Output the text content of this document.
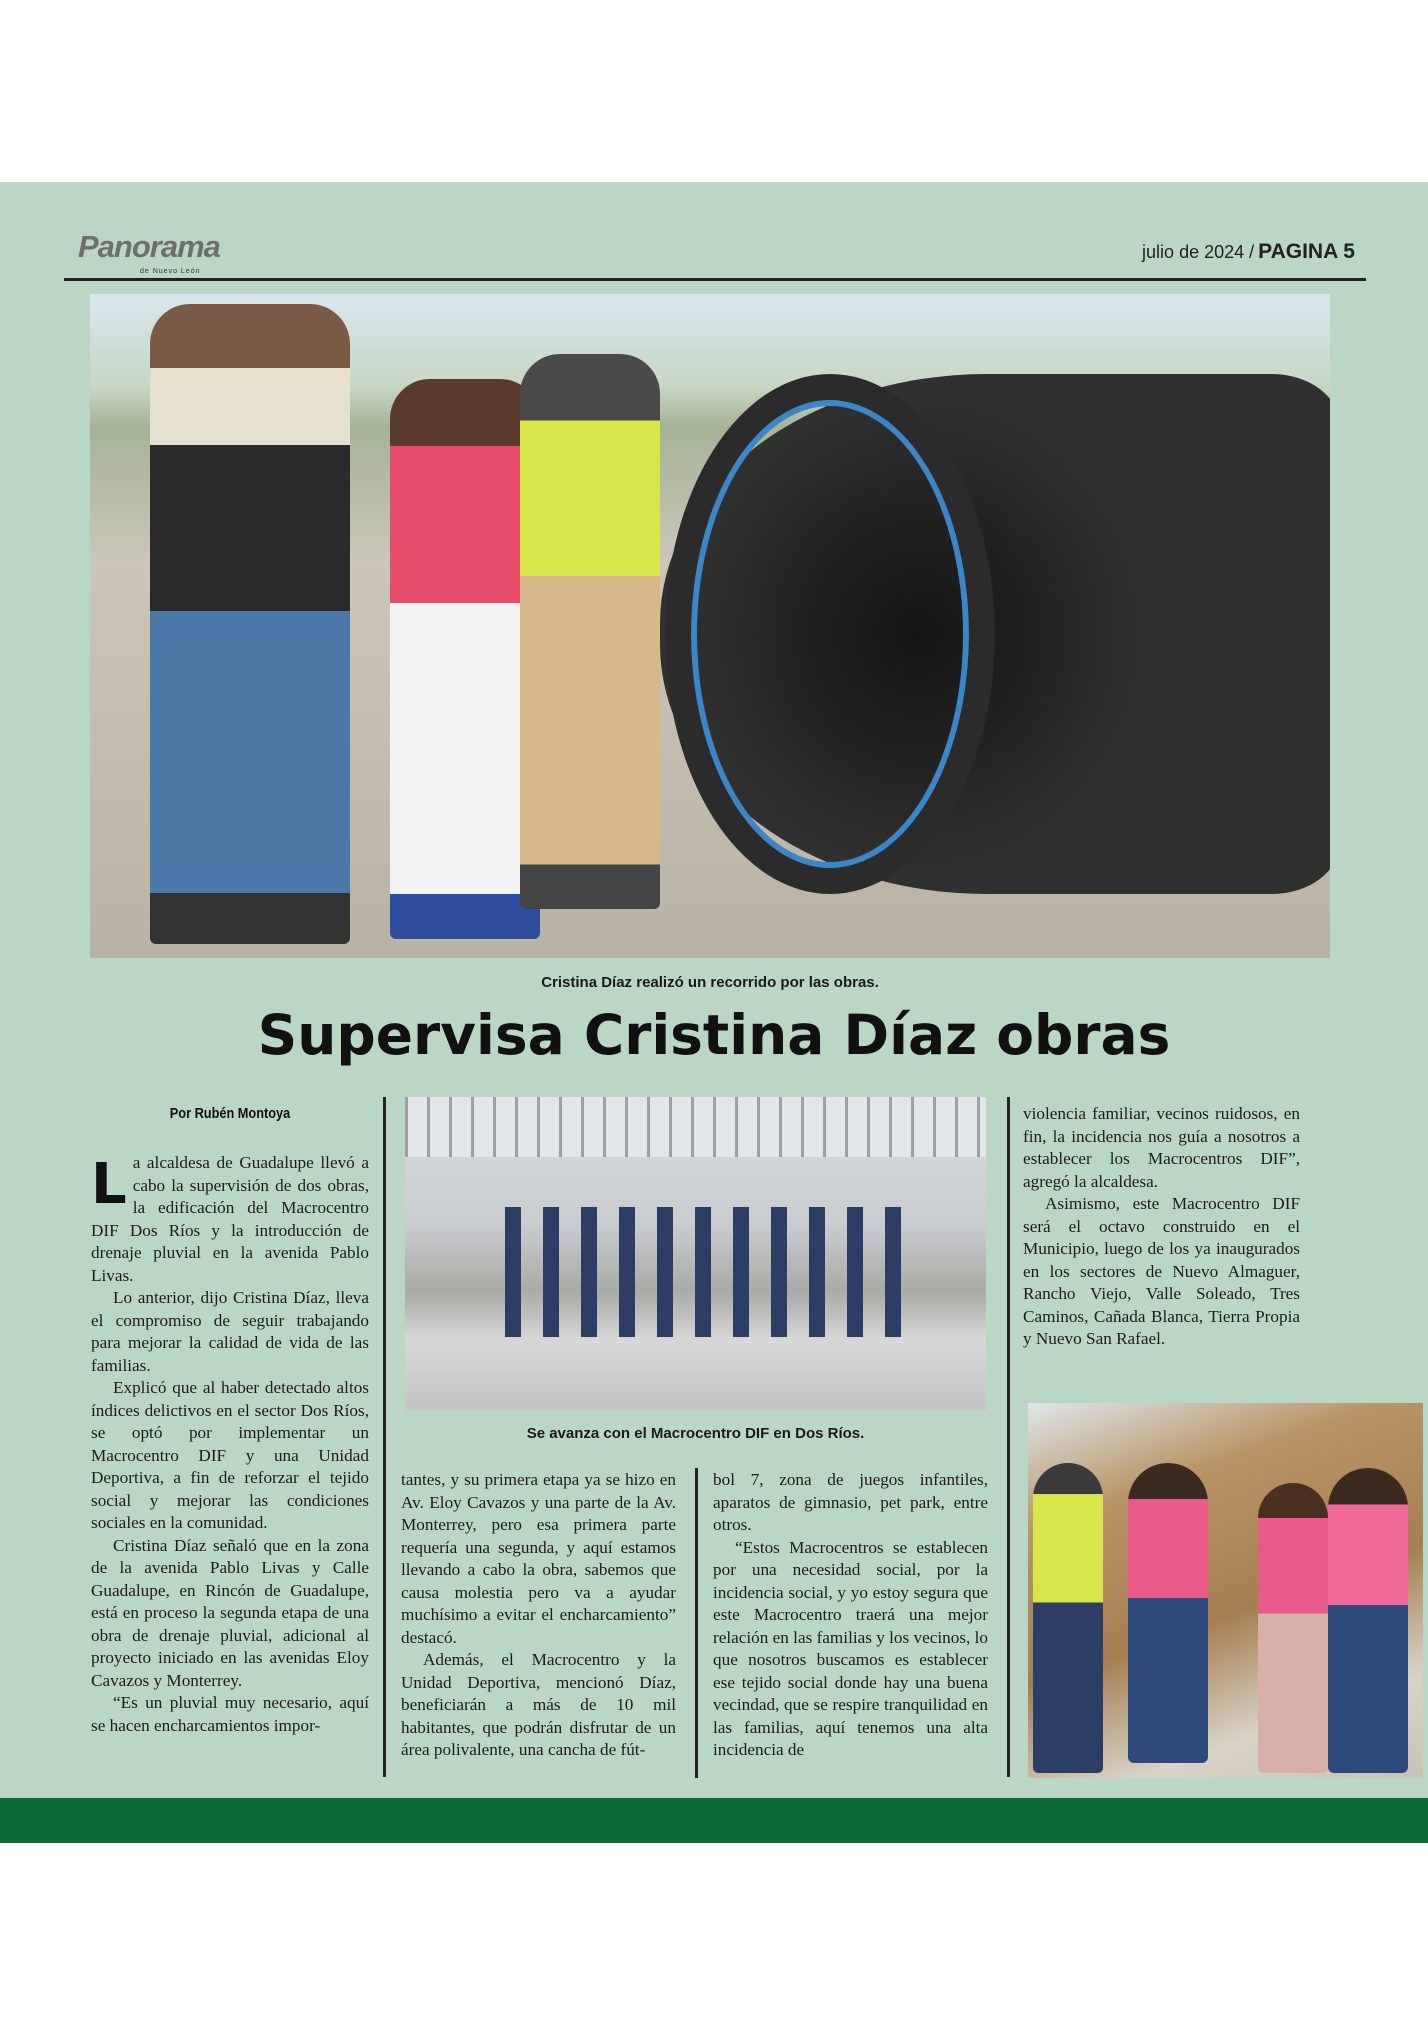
Panorama
de Nuevo León
julio de 2024 / PAGINA 5
Cristina Díaz realizó un recorrido por las obras.
Supervisa Cristina Díaz obras
Por Rubén Montoya

La alcaldesa de Guadalupe llevó a cabo la supervisión de dos obras, la edificación del Macrocentro DIF Dos Ríos y la introducción de drenaje pluvial en la avenida Pablo Livas.

Lo anterior, dijo Cristina Díaz, lleva el compromiso de seguir trabajando para mejorar la calidad de vida de las familias.

Explicó que al haber detectado altos índices delictivos en el sector Dos Ríos, se optó por implementar un Macrocentro DIF y una Unidad Deportiva, a fin de reforzar el tejido social y mejorar las condiciones sociales en la comunidad.

Cristina Díaz señaló que en la zona de la avenida Pablo Livas y Calle Guadalupe, en Rincón de Guadalupe, está en proceso la segunda etapa de una obra de drenaje pluvial, adicional al proyecto iniciado en las avenidas Eloy Cavazos y Monterrey.

“Es un pluvial muy necesario, aquí se hacen encharcamientos impor-

Se avanza con el Macrocentro DIF en Dos Ríos.

tantes, y su primera etapa ya se hizo en Av. Eloy Cavazos y una parte de la Av. Monterrey, pero esa primera parte requería una segunda, y aquí estamos llevando a cabo la obra, sabemos que causa molestia pero va a ayudar muchísimo a evitar el encharcamiento” destacó.

Además, el Macrocentro y la Unidad Deportiva, mencionó Díaz, beneficiarán a más de 10 mil habitantes, que podrán disfrutar de un área polivalente, una cancha de fút-

bol 7, zona de juegos infantiles, aparatos de gimnasio, pet park, entre otros.

“Estos Macrocentros se establecen por una necesidad social, por la incidencia social, y yo estoy segura que este Macrocentro traerá una mejor relación en las familias y los vecinos, lo que nosotros buscamos es establecer ese tejido social donde hay una buena vecindad, que se respire tranquilidad en las familias, aquí tenemos una alta incidencia de

violencia familiar, vecinos ruidosos, en fin, la incidencia nos guía a nosotros a establecer los Macrocentros DIF”, agregó la alcaldesa.

Asimismo, este Macrocentro DIF será el octavo construido en el Municipio, luego de los ya inaugurados en los sectores de Nuevo Almaguer, Rancho Viejo, Valle Soleado, Tres Caminos, Cañada Blanca, Tierra Propia y Nuevo San Rafael.
